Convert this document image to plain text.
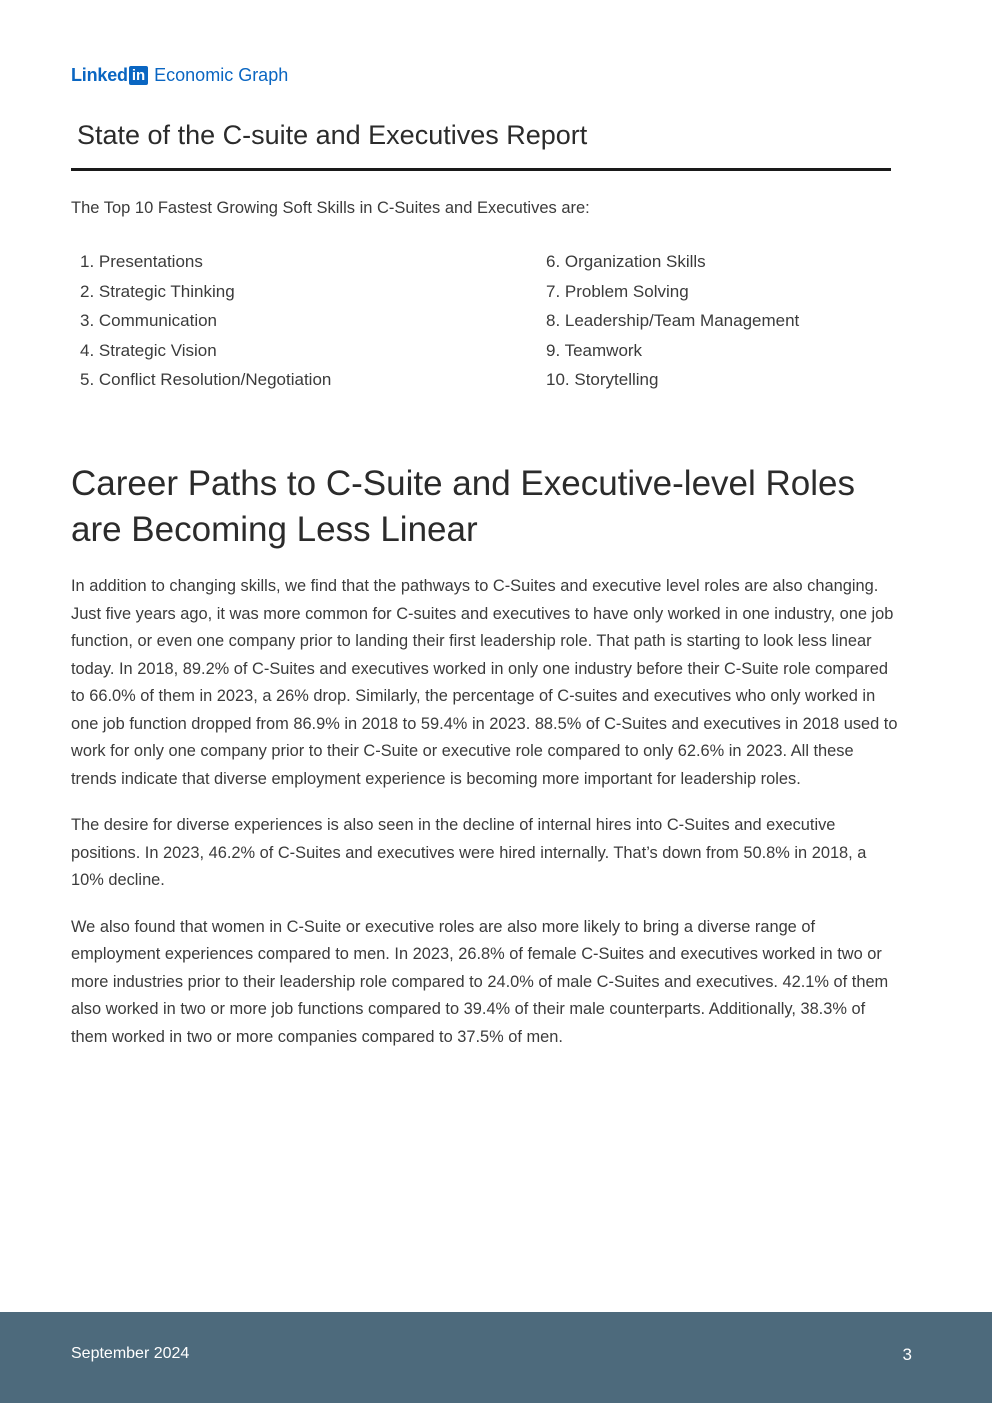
Linked in Economic Graph
State of the C-suite and Executives Report

The Top 10 Fastest Growing Soft Skills in C-Suites and Executives are:

1. Presentations
2. Strategic Thinking
3. Communication
4. Strategic Vision
5. Conflict Resolution/Negotiation
6. Organization Skills
7. Problem Solving
8. Leadership/Team Management
9. Teamwork
10. Storytelling
Career Paths to C-Suite and Executive-level Roles are Becoming Less Linear

In addition to changing skills, we find that the pathways to C-Suites and executive level roles are also changing. Just five years ago, it was more common for C-suites and executives to have only worked in one industry, one job function, or even one company prior to landing their first leadership role. That path is starting to look less linear today. In 2018, 89.2% of C-Suites and executives worked in only one industry before their C-Suite role compared to 66.0% of them in 2023, a 26% drop. Similarly, the percentage of C-suites and executives who only worked in one job function dropped from 86.9% in 2018 to 59.4% in 2023. 88.5% of C-Suites and executives in 2018 used to work for only one company prior to their C-Suite or executive role compared to only 62.6% in 2023. All these trends indicate that diverse employment experience is becoming more important for leadership roles.

The desire for diverse experiences is also seen in the decline of internal hires into C-Suites and executive positions. In 2023, 46.2% of C-Suites and executives were hired internally. That’s down from 50.8% in 2018, a 10% decline.

We also found that women in C-Suite or executive roles are also more likely to bring a diverse range of employment experiences compared to men. In 2023, 26.8% of female C-Suites and executives worked in two or more industries prior to their leadership role compared to 24.0% of male C-Suites and executives. 42.1% of them also worked in two or more job functions compared to 39.4% of their male counterparts. Additionally, 38.3% of them worked in two or more companies compared to 37.5% of men.

September 2024	3
